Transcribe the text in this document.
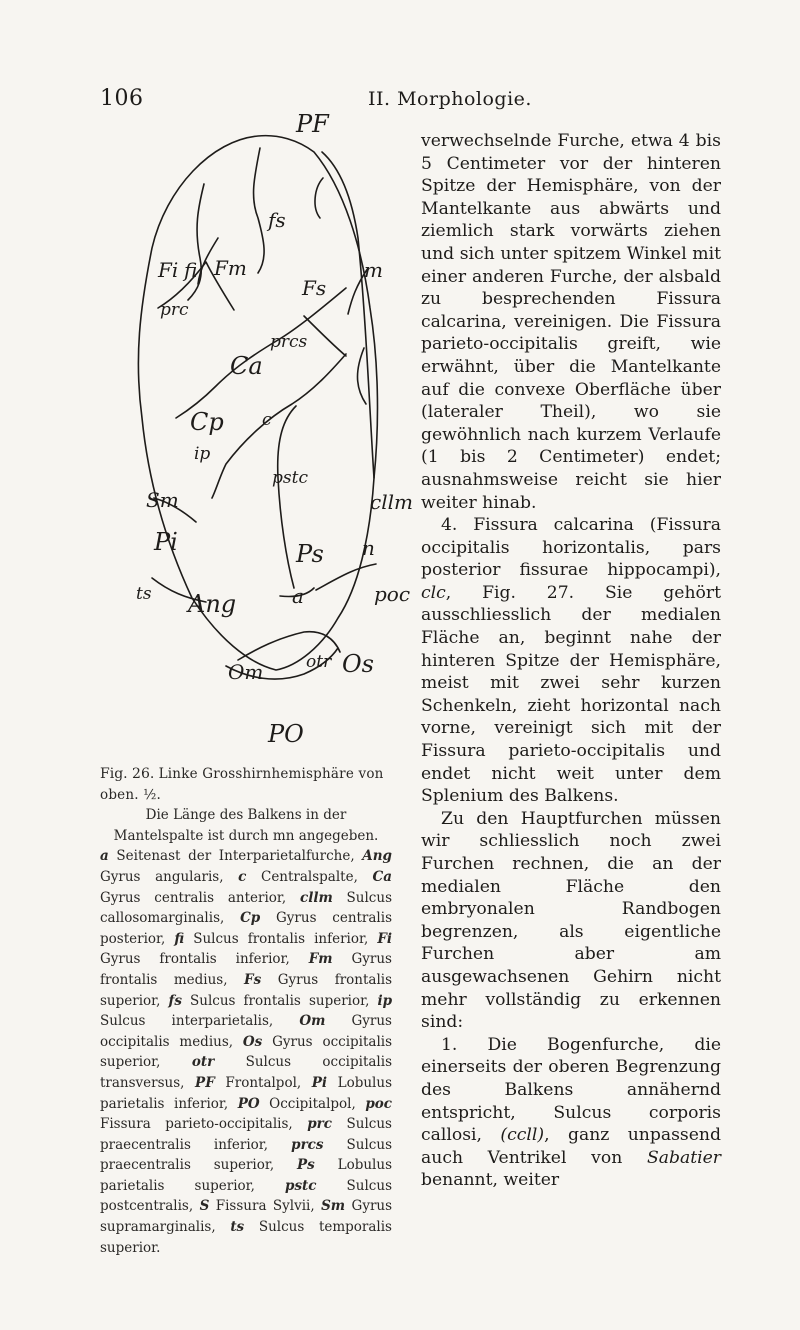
106	II. Morphologie.
PF
fs
Fi fi Fm
Fs
m
prc
prcs
Ca
Cp c
ip
pstc
Sm	cllm
Pi	Ps n
ts Ang	a	poc
Om	otr Os
PO

Fig. 26. Linke Grosshirnhemisphäre von oben. ½.

Die Länge des Balkens in der Mantelspalte ist durch mn angegeben.

a Seitenast der Interparietalfurche, Ang Gyrus angularis, c Centralspalte, Ca Gyrus centralis anterior, cllm Sulcus callosomarginalis, Cp Gyrus centralis posterior, fi Sulcus frontalis inferior, Fi Gyrus frontalis inferior, Fm Gyrus frontalis medius, Fs Gyrus frontalis superior, fs Sulcus frontalis superior, ip Sulcus interparietalis, Om Gyrus occipitalis medius, Os Gyrus occipitalis superior, otr Sulcus occipitalis transversus, PF Frontalpol, Pi Lobulus parietalis inferior, PO Occipitalpol, poc Fissura parieto-occipitalis, prc Sulcus praecentralis inferior, prcs Sulcus praecentralis superior, Ps Lobulus parietalis superior, pstc Sulcus postcentralis, S Fissura Sylvii, Sm Gyrus supramarginalis, ts Sulcus temporalis superior.

verwechselnde Furche, etwa 4 bis 5 Centimeter vor der hinteren Spitze der Hemisphäre, von der Mantelkante aus abwärts und ziemlich stark vorwärts ziehen und sich unter spitzem Winkel mit einer anderen Furche, der alsbald zu besprechenden Fissura calcarina, vereinigen. Die Fissura parieto-occipitalis greift, wie erwähnt, über die Mantelkante auf die convexe Oberfläche über (lateraler Theil), wo sie gewöhnlich nach kurzem Verlaufe (1 bis 2 Centimeter) endet; ausnahmsweise reicht sie hier weiter hinab.

4. Fissura calcarina (Fissura occipitalis horizontalis, pars posterior fissurae hippocampi), clc, Fig. 27. Sie gehört ausschliesslich der medialen Fläche an, beginnt nahe der hinteren Spitze der Hemisphäre, meist mit zwei sehr kurzen Schenkeln, zieht horizontal nach vorne, vereinigt sich mit der Fissura parieto-occipitalis und endet nicht weit unter dem Splenium des Balkens.

Zu den Hauptfurchen müssen wir schliesslich noch zwei Furchen rechnen, die an der medialen Fläche den embryonalen Randbogen begrenzen, als eigentliche Furchen aber am ausgewachsenen Gehirn nicht mehr vollständig zu erkennen sind:

1. Die Bogenfurche, die einerseits der oberen Begrenzung des Balkens annähernd entspricht, Sulcus corporis callosi, (ccll), ganz unpassend auch Ventrikel von Sabatier benannt, weiter
